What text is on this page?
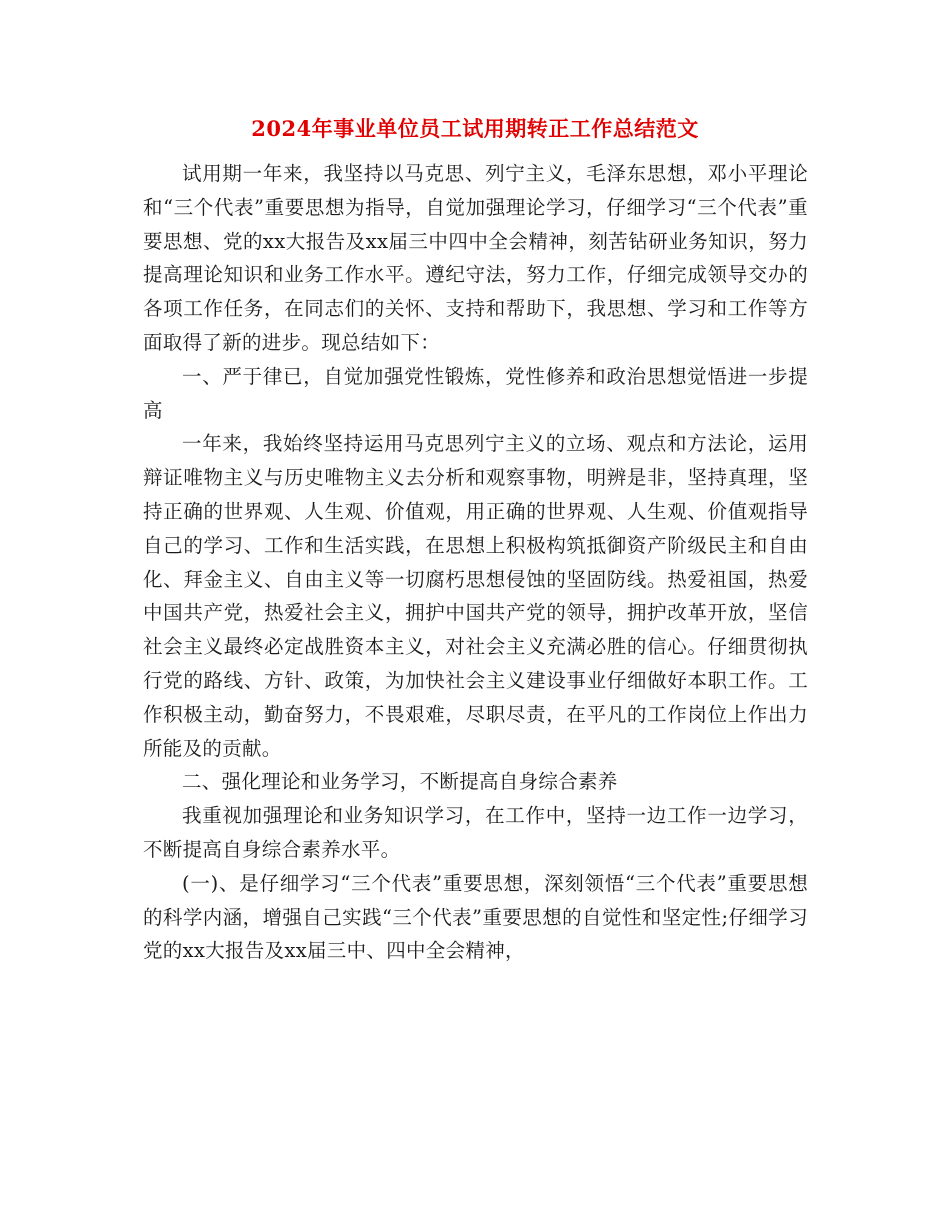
2024年事业单位员工试用期转正工作总结范文

试用期一年来，我坚持以马克思、列宁主义，毛泽东思想，邓小平理论和“三个代表”重要思想为指导，自觉加强理论学习，仔细学习“三个代表”重要思想、党的xx大报告及xx届三中四中全会精神，刻苦钻研业务知识，努力提高理论知识和业务工作水平。遵纪守法，努力工作，仔细完成领导交办的各项工作任务，在同志们的关怀、支持和帮助下，我思想、学习和工作等方面取得了新的进步。现总结如下：

一、严于律已，自觉加强党性锻炼，党性修养和政治思想觉悟进一步提高

一年来，我始终坚持运用马克思列宁主义的立场、观点和方法论，运用辩证唯物主义与历史唯物主义去分析和观察事物，明辨是非，坚持真理，坚持正确的世界观、人生观、价值观，用正确的世界观、人生观、价值观指导自己的学习、工作和生活实践，在思想上积极构筑抵御资产阶级民主和自由化、拜金主义、自由主义等一切腐朽思想侵蚀的坚固防线。热爱祖国，热爱中国共产党，热爱社会主义，拥护中国共产党的领导，拥护改革开放，坚信社会主义最终必定战胜资本主义，对社会主义充满必胜的信心。仔细贯彻执行党的路线、方针、政策，为加快社会主义建设事业仔细做好本职工作。工作积极主动，勤奋努力，不畏艰难，尽职尽责，在平凡的工作岗位上作出力所能及的贡献。

二、强化理论和业务学习，不断提高自身综合素养

我重视加强理论和业务知识学习，在工作中，坚持一边工作一边学习，不断提高自身综合素养水平。

(一)、是仔细学习“三个代表”重要思想，深刻领悟“三个代表”重要思想的科学内涵，增强自己实践“三个代表”重要思想的自觉性和坚定性;仔细学习党的xx大报告及xx届三中、四中全会精神，
